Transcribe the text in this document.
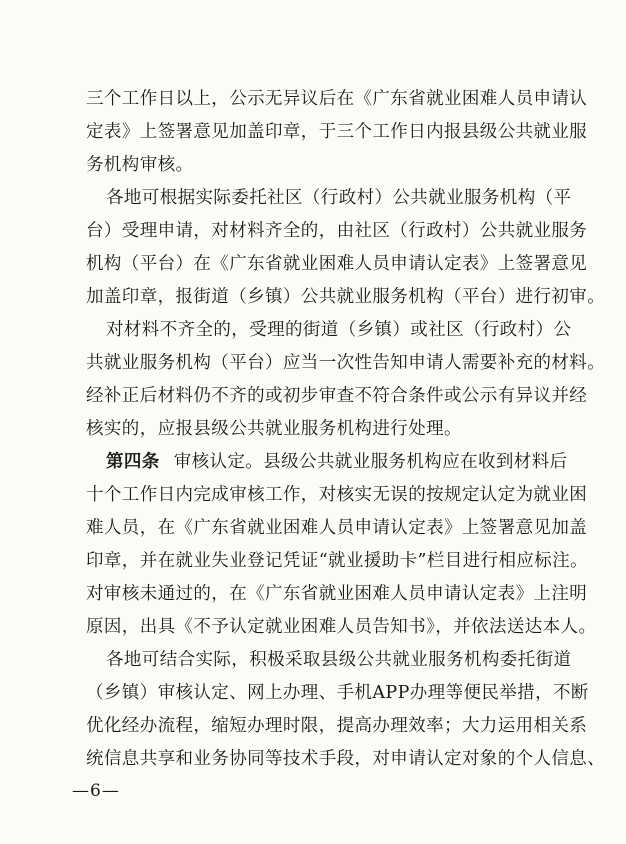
三个工作日以上，公示无异议后在《广东省就业困难人员申请认
定表》上签署意见加盖印章，于三个工作日内报县级公共就业服
务机构审核。
各地可根据实际委托社区（行政村）公共就业服务机构（平
台）受理申请，对材料齐全的，由社区（行政村）公共就业服务
机构（平台）在《广东省就业困难人员申请认定表》上签署意见
加盖印章，报街道（乡镇）公共就业服务机构（平台）进行初审。
对材料不齐全的，受理的街道（乡镇）或社区（行政村）公
共就业服务机构（平台）应当一次性告知申请人需要补充的材料。
经补正后材料仍不齐的或初步审查不符合条件或公示有异议并经
核实的，应报县级公共就业服务机构进行处理。
第四条 审核认定。县级公共就业服务机构应在收到材料后
十个工作日内完成审核工作，对核实无误的按规定认定为就业困
难人员，在《广东省就业困难人员申请认定表》上签署意见加盖
印章，并在就业失业登记凭证“就业援助卡”栏目进行相应标注。
对审核未通过的，在《广东省就业困难人员申请认定表》上注明
原因，出具《不予认定就业困难人员告知书》，并依法送达本人。
各地可结合实际，积极采取县级公共就业服务机构委托街道
（乡镇）审核认定、网上办理、手机APP办理等便民举措，不断
优化经办流程，缩短办理时限，提高办理效率；大力运用相关系
统信息共享和业务协同等技术手段，对申请认定对象的个人信息、
—6—
